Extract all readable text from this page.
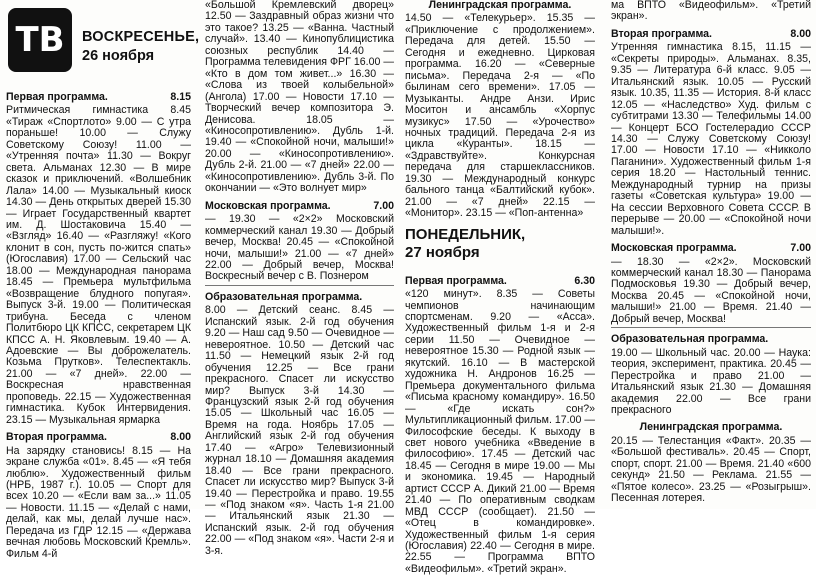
ТВ	ВОСКРЕСЕНЬЕ,
26 ноября
Первая программа.	8.15

Ритмическая гимнастика 8.45 «Тираж «Спортлото» 9.00 — С утра пораньше! 10.00 — Служу Советскому Союзу! 11.00 — «Утренняя почта» 11.30 — Вокруг света. Альманах 12.30 — В мире сказок и приключений. «Волшебник Лала» 14.00 — Музыкальный киоск 14.30 — День открытых дверей 15.30 — Играет Государственный квартет им. Д. Шостаковича 15.40 — «Взгляд» 16.40 — «Разгляжу! «Кого клонит в сон, пусть по-жится спать» (Югославия) 17.00 — Сельский час 18.00 — Международная панорама 18.45 — Премьера мультфильма «Возвращение блудного попугая». Выпуск 3-й. 19.00 — Политическая трибуна. Беседа с членом Политбюро ЦК КПСС, секретарем ЦК КПСС А. Н. Яковлевым. 19.40 — А. Адоевские — Вы доброжелатель. Козьма Прутков». Телеспектакль. 21.00 — «7 дней». 22.00 — Воскресная нравственная проповедь. 22.15 — Художественная гимнастика. Кубок Интервидения. 23.15 — Музыкальная ярмарка

Вторая программа.	8.00

На зарядку становись! 8.15 — На экране служба «01». 8.45 — «Я тебя люблю». Художественный фильм (НРБ, 1987 г.). 10.05 — Спорт для всех 10.20 — «Если вам за...» 11.05 — Новости. 11.15 — «Делай с нами, делай, как мы, делай лучше нас». Передача из ГДР 12.15 — «Держава вечная любовь Московский Кремль». Фильм 4-й

«Большой Кремлевский дворец» 12.50 — Заздравный образ жизни что это такое? 13.25 — «Ванна. Частный случай». 13.40 — Кинопублицистика союзных республик 14.40 — Программа телевидения ФРГ 16.00 — «Кто в дом том живет...» 16.30 — «Слова из твоей колыбельной» (Ангола) 17.00 — Новости 17.10 — Творческий вечер композитора Э. Денисова. 18.05 — «Киносопротивлению». Дубль 1-й. 19.40 — «Спокойной ночи, малыши!» 20.00 — «Киносопротивлению». Дубль 2-й. 21.00 — «7 дней» 22.00 — «Киносопротивлению». Дубль 3-й. По окончании — «Это волнует мир»

Московская программа.	7.00

— 19.30 — «2×2» Московский коммерческий канал 19.30 — Добрый вечер, Москва! 20.45 — «Спокойной ночи, малыши!» 21.00 — «7 дней» 22.00 — Добрый вечер, Москва! Воскресный вечер с В. Познером

Образовательная программа.

8.00 — Детский сеанс. 8.45 — Испанский язык. 2-й год обучения 9.20 — Наш сад 9.50 — Очевидное — невероятное. 10.50 — Детский час 11.50 — Немецкий язык 2-й год обучения 12.25 — Все грани прекрасного. Спасет ли искусство мир? Выпуск 3-й 14.30 — Французский язык 2-й год обучения 15.05 — Школьный час 16.05 — Время на года. Ноябрь 17.05 — Английский язык 2-й год обучения 17.40 — «Агро» Телевизионный журнал 18.10 — Домашняя академия 18.40 — Все грани прекрасного. Спасет ли искусство мир? Выпуск 3-й 19.40 — Перестройка и право. 19.55 — «Под знаком «я». Часть 1-я 21.00 — Итальянский язык 21.30 — Испанский язык. 2-й год обучения 22.00 — «Под знаком «я». Части 2-я и 3-я.

Ленинградская программа.

14.50 — «Телекурьер». 15.35 — «Приключение с продолжением». Передача для детей. 15.50 — Сегодня и ежедневно. Цирковая программа. 16.20 — «Северные письма». Передача 2-я — «По былинам сего времени». 17.05 — Музыканты. Андре Анзи. Ирис Моситон и ансамбль «Хорпус музикус» 17.50 — «Урочество» ночных традиций. Передача 2-я из цикла «Куранты». 18.15 — «Здравствуйте». Конкурсная передача для старшеклассников. 19.30 — Международный конкурс бального танца «Балтийский кубок». 21.00 — «7 дней» 22.15 — «Монитор». 23.15 — «Поп-антенна»

ПОНЕДЕЛЬНИК,
27 ноября
Первая программа.	6.30

«120 минут». 8.35 — Советы чемпионов начинающим спортсменам. 9.20 — «Асса». Художественный фильм 1-я и 2-я серии 11.50 — Очевидное — невероятное 15.30 — Родной язык — якутский. 16.10 — В мастерской художника Н. Андронов 16.25 — Премьера документального фильма «Письма красному командиру». 16.50 — «Где искать сон?» Мультипликационный фильм. 17.00 — Философские беседы. К выходу в свет нового учебника «Введение в философию». 17.45 — Детский час 18.45 — Сегодня в мире 19.00 — Мы и экономика. 19.45 — Народный артист СССР А. Дикий 21.00 — Время 21.40 — По оперативным сводкам МВД СССР (сообщает). 21.50 — «Отец в командировке». Художественный фильм 1-я серия (Югославия) 22.40 — Сегодня в мире. 22.55 — Программа ВПТО «Видеофильм». «Третий экран».

ма ВПТО «Видеофильм». «Третий экран».

Вторая программа.	8.00

Утренняя гимнастика 8.15, 11.15 — «Секреты природы». Альманах. 8.35, 9.35 — Литература 6-й класс. 9.05 — Итальянский язык. 10.05 — Русский язык. 10.35, 11.35 — История. 8-й класс 12.05 — «Наследство» Худ. фильм с субтитрами 13.30 — Телефильмы 14.00 — Концерт БСО Гостелерадио СССР 14.30 — Служу Советскому Союзу! 17.00 — Новости 17.10 — «Никколо Паганини». Художественный фильм 1-я серия 18.20 — Настольный теннис. Международный турнир на призы газеты «Советская культура» 19.00 — На сессии Верховного Совета СССР. В перерыве — 20.00 — «Спокойной ночи малыши!».

Московская программа.	7.00

— 18.30 — «2×2». Московский коммерческий канал 18.30 — Панорама Подмосковья 19.30 — Добрый вечер, Москва 20.45 — «Спокойной ночи, малыши!» 21.00 — Время. 21.40 — Добрый вечер, Москва!

Образовательная программа.

19.00 — Школьный час. 20.00 — Наука: теория, эксперимент, практика. 20.45 — Перестройка и право 21.00 — Итальянский язык 21.30 — Домашняя академия 22.00 — Все грани прекрасного

Ленинградская программа.

20.15 — Телестанция «Факт». 20.35 — «Большой фестиваль». 20.45 — Спорт, спорт, спорт. 21.00 — Время. 21.40 «600 секунд» 21.50 — Реклама. 21.55 — «Пятое колесо». 23.25 — «Розыгрыш». Песенная лотерея.
